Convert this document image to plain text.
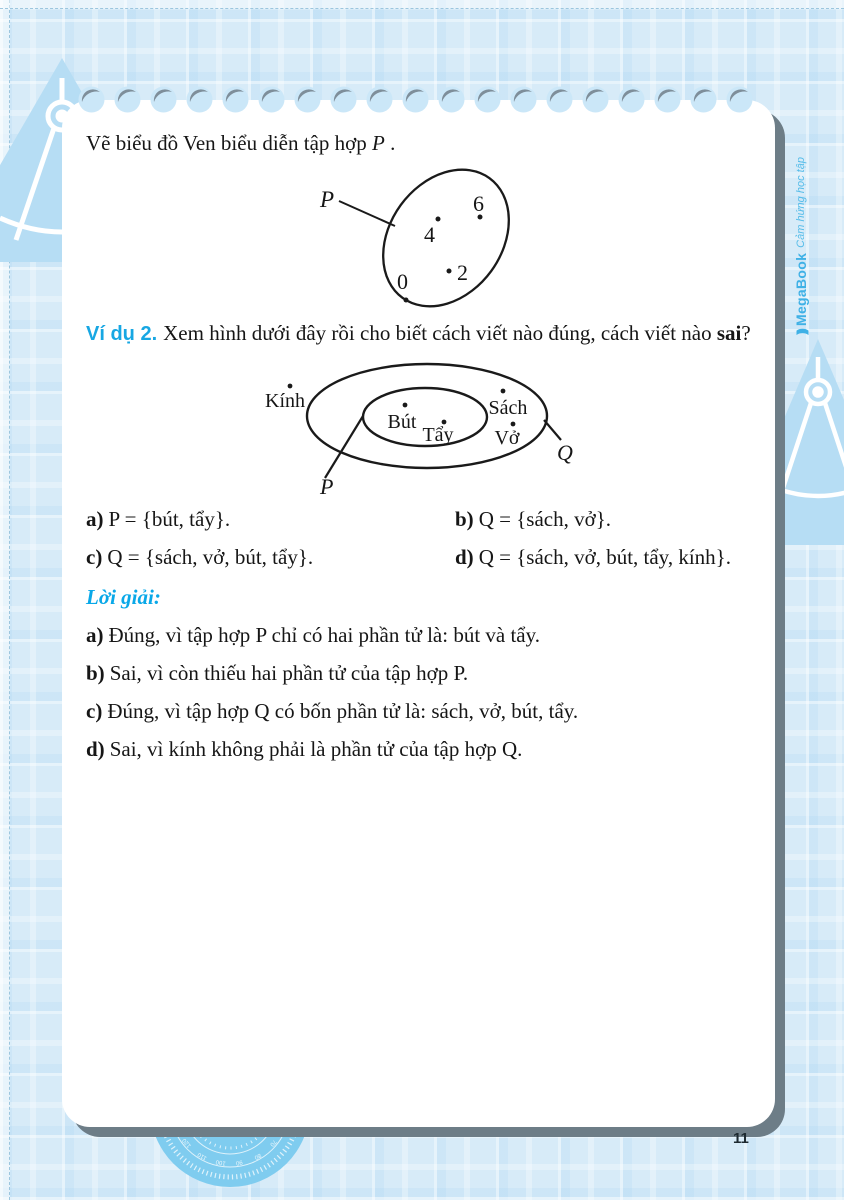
120
110
100 90
80
70
)))
MegaBook
Cảm hứng học tập

Vẽ biểu đồ Ven biểu diễn tập hợp P .

P	6
4
2
0

Ví dụ 2. Xem hình dưới đây rồi cho biết cách viết nào đúng, cách viết nào sai?

Kính
Bút
Tẩy
Sách
Vở
P
Q

a) P = {bút, tẩy}.	b) Q = {sách, vở}.

c) Q = {sách, vở, bút, tẩy}.	d) Q = {sách, vở, bút, tẩy, kính}.

Lời giải:

a) Đúng, vì tập hợp P chỉ có hai phần tử là: bút và tẩy.

b) Sai, vì còn thiếu hai phần tử của tập hợp P.

c) Đúng, vì tập hợp Q có bốn phần tử là: sách, vở, bút, tẩy.

d) Sai, vì kính không phải là phần tử của tập hợp Q.

11
